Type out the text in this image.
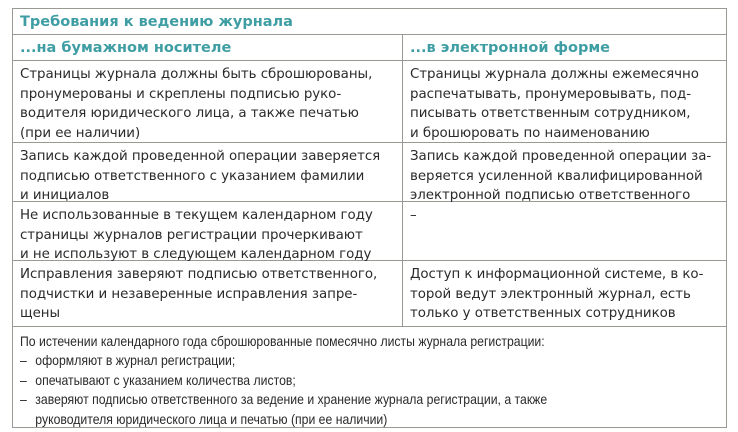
Требования к ведению журнала
...на бумажном носителе	...в электронной форме
Страницы журнала должны быть сброшюрованы,
пронумерованы и скреплены подписью руко-
водителя юридического лица, а также печатью
(при ее наличии)
Страницы журнала должны ежемесячно
распечатывать, пронумеровывать, под-
писывать ответственным сотрудником,
и брошюровать по наименованию
Запись каждой проведенной операции заверяется
подписью ответственного с указанием фамилии
и инициалов
Запись каждой проведенной операции за-
веряется усиленной квалифицированной
электронной подписью ответственного
Не использованные в текущем календарном году
страницы журналов регистрации прочеркивают
и не используют в следующем календарном году
–
Исправления заверяют подписью ответственного,
подчистки и незаверенные исправления запре-
щены
Доступ к информационной системе, в ко-
торой ведут электронный журнал, есть
только у ответственных сотрудников
По истечении календарного года сброшюрованные помесячно листы журнала регистрации:
– оформляют в журнал регистрации;
– опечатывают с указанием количества листов;
– заверяют подписью ответственного за ведение и хранение журнала регистрации, а также
руководителя юридического лица и печатью (при ее наличии)
